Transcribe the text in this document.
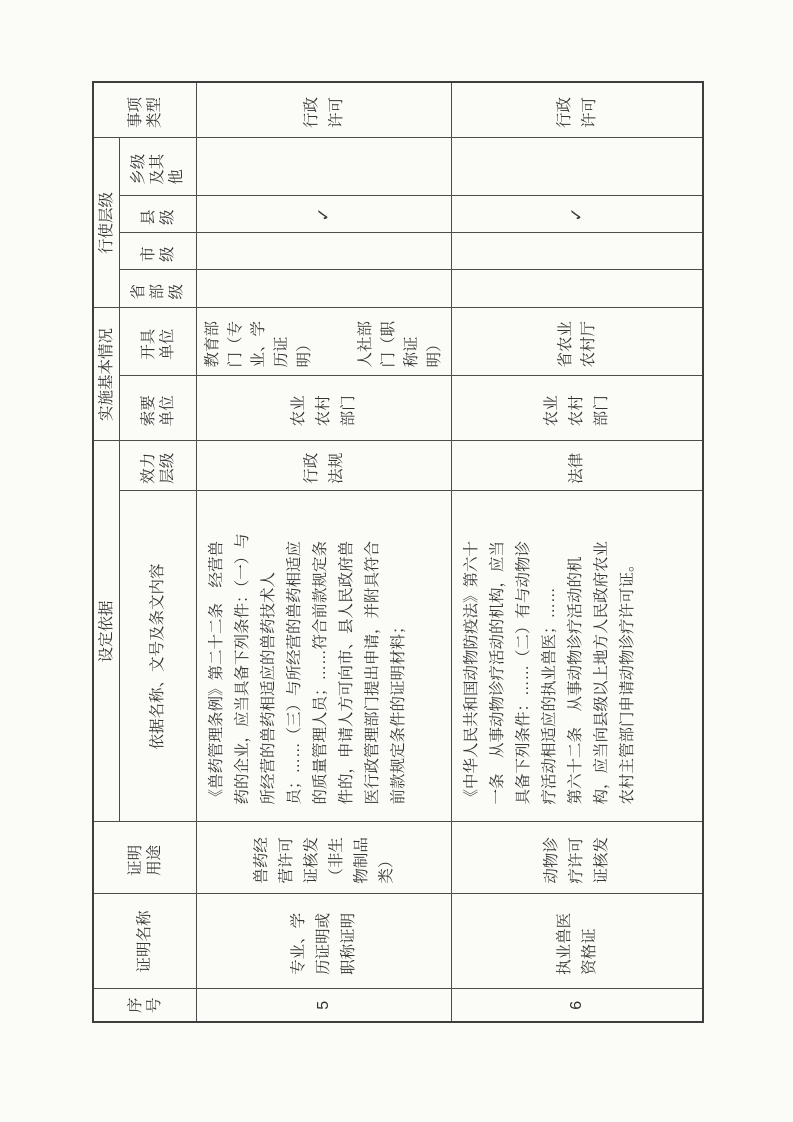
序号	证明名称	证明用途	设定依据		实施基本情况		行使层级				事项类型

			依据名称、文号及条文内容	效力层级	索要单位	开具单位	省部级	市级	县级	乡级及其他	

5	专业、学历证明或职称证明	兽药经营许可证核发（非生物制品类）	《兽药管理条例》第二十二条　经营兽药的企业，应当具备下列条件：（一）与所经营的兽药相适应的兽药技术人员；……（三）与所经营的兽药相适应的质量管理人员；……符合前款规定条件的，申请人方可向市、县人民政府兽医行政管理部门提出申请，并附具符合前款规定条件的证明材料；	行政法规	农业农村部门	教育部门（专业、学历证明） 人社部门（职称证明）			✓		行政许可

6	执业兽医资格证	动物诊疗许可证核发	《中华人民共和国动物防疫法》第六十一条　从事动物诊疗活动的机构，应当具备下列条件：……（二）有与动物诊疗活动相适应的执业兽医；…… 第六十二条　从事动物诊疗活动的机构，应当向县级以上地方人民政府农业农村主管部门申请动物诊疗许可证。	法律	农业农村部门	省农业农村厅			✓		行政许可
